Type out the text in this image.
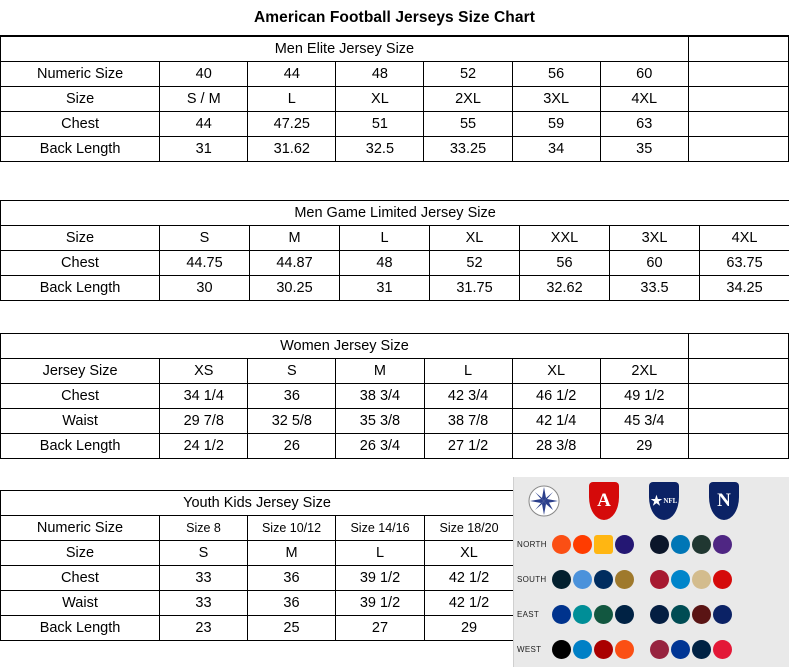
American Football Jerseys Size Chart
Men Elite Jersey Size							
Numeric Size	40	44	48	52	56	60	
Size	S / M	L	XL	2XL	3XL	4XL	
Chest	44	47.25	51	55	59	63	
Back Length	31	31.62	32.5	33.25	34	35	
Men Game Limited Jersey Size							
Size	S	M	L	XL	XXL	3XL	4XL
Chest	44.75	44.87	48	52	56	60	63.75
Back Length	30	30.25	31	31.75	32.62	33.5	34.25
Women Jersey Size							
Jersey Size	XS	S	M	L	XL	2XL	
Chest	34 1/4	36	38 3/4	42 3/4	46 1/2	49 1/2	
Waist	29 7/8	32 5/8	35 3/8	38 7/8	42 1/4	45 3/4	
Back Length	24 1/2	26	26 3/4	27 1/2	28 3/8	29	
Youth Kids Jersey Size				
Numeric Size	Size 8	Size 10/12	Size 14/16	Size 18/20
Size	S	M	L	XL
Chest	33	36	39 1/2	42 1/2
Waist	33	36	39 1/2	42 1/2
Back Length	23	25	27	29
A	★ NFL	N
NORTH
SOUTH
EAST
WEST
